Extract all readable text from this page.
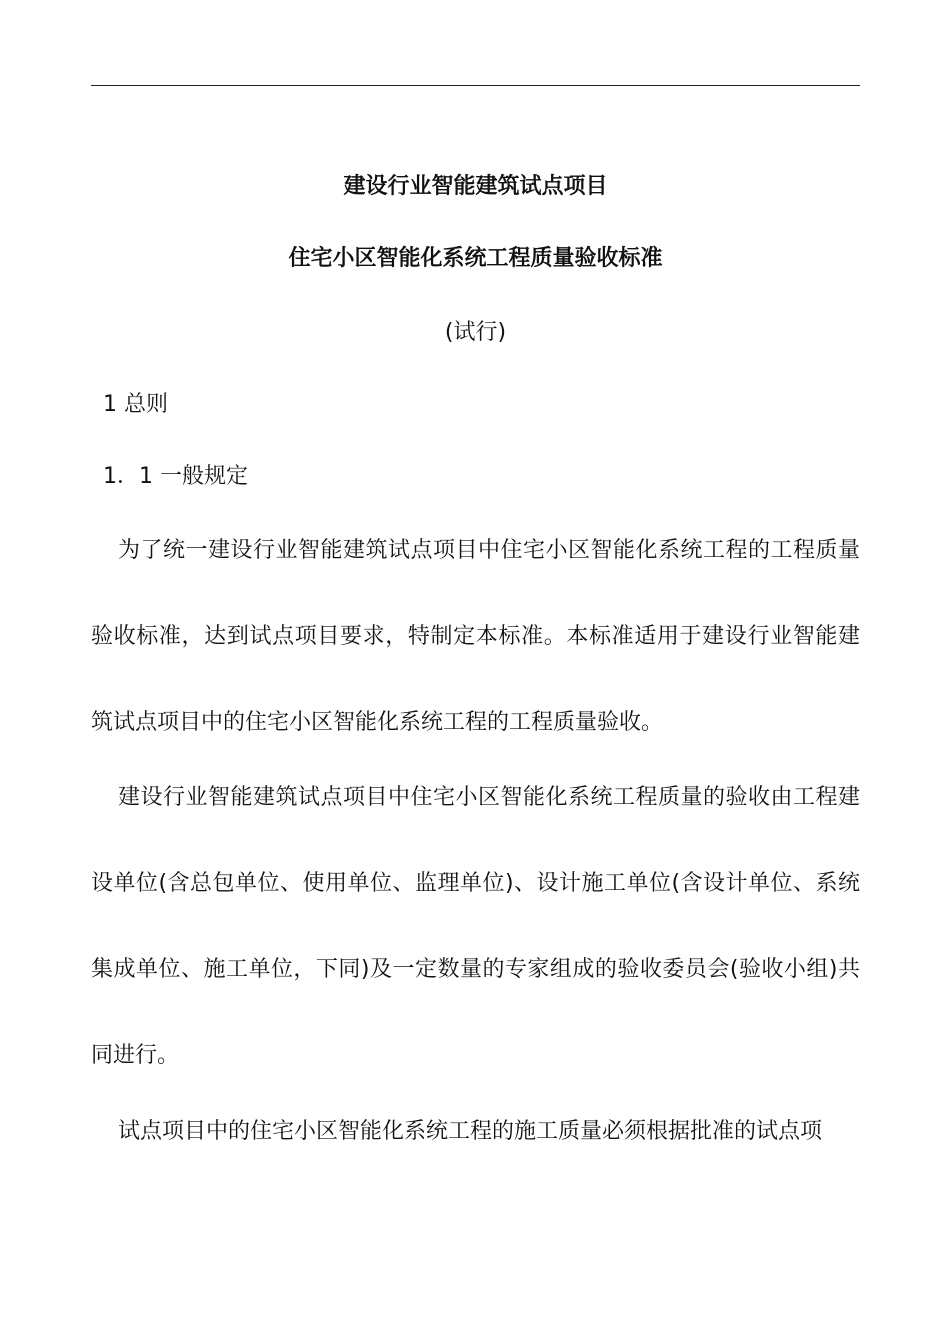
建设行业智能建筑试点项目
住宅小区智能化系统工程质量验收标准
(试行)
1 总则
1．1 一般规定

为了统一建设行业智能建筑试点项目中住宅小区智能化系统工程的工程质量验收标准，达到试点项目要求，特制定本标准。本标准适用于建设行业智能建筑试点项目中的住宅小区智能化系统工程的工程质量验收。

建设行业智能建筑试点项目中住宅小区智能化系统工程质量的验收由工程建设单位(含总包单位、使用单位、监理单位)、设计施工单位(含设计单位、系统集成单位、施工单位，下同)及一定数量的专家组成的验收委员会(验收小组)共同进行。

试点项目中的住宅小区智能化系统工程的施工质量必须根据批准的试点项
